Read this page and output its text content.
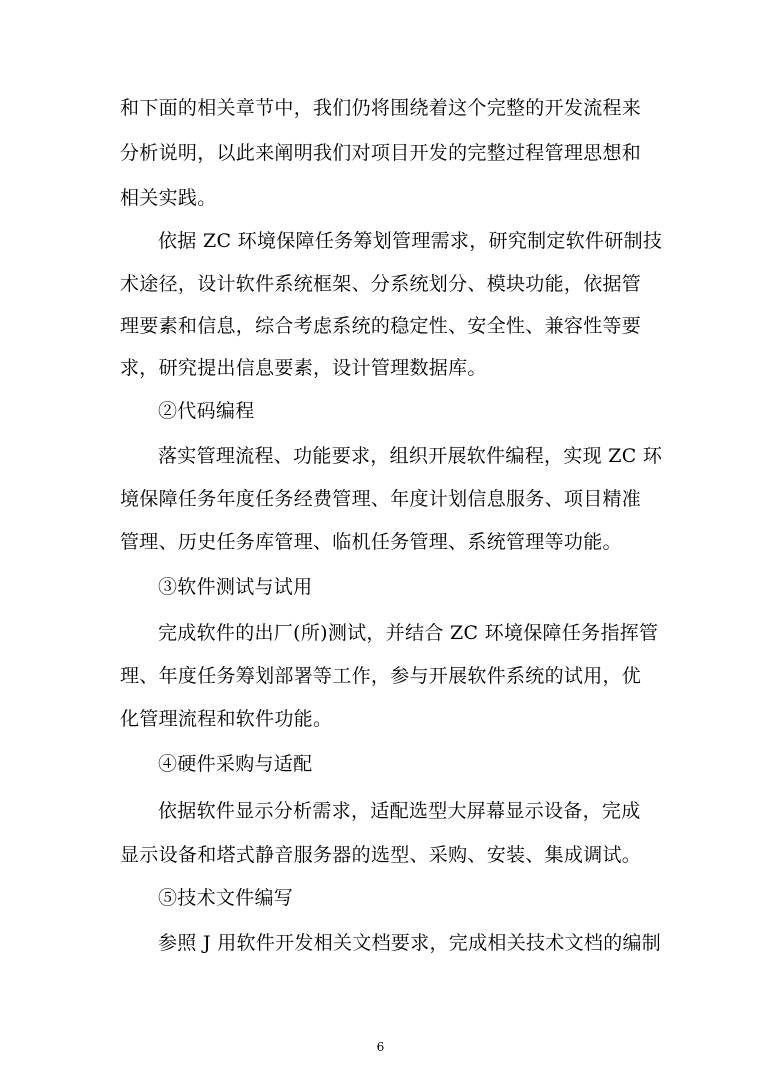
和下面的相关章节中，我们仍将围绕着这个完整的开发流程来
分析说明，以此来阐明我们对项目开发的完整过程管理思想和
相关实践。
依据 ZC 环境保障任务筹划管理需求，研究制定软件研制技
术途径，设计软件系统框架、分系统划分、模块功能，依据管
理要素和信息，综合考虑系统的稳定性、安全性、兼容性等要
求，研究提出信息要素，设计管理数据库。
②代码编程
落实管理流程、功能要求，组织开展软件编程，实现 ZC 环
境保障任务年度任务经费管理、年度计划信息服务、项目精准
管理、历史任务库管理、临机任务管理、系统管理等功能。
③软件测试与试用
完成软件的出厂(所)测试，并结合 ZC 环境保障任务指挥管
理、年度任务筹划部署等工作，参与开展软件系统的试用，优
化管理流程和软件功能。
④硬件采购与适配
依据软件显示分析需求，适配选型大屏幕显示设备，完成
显示设备和塔式静音服务器的选型、采购、安装、集成调试。
⑤技术文件编写
参照 J 用软件开发相关文档要求，完成相关技术文档的编制
6
